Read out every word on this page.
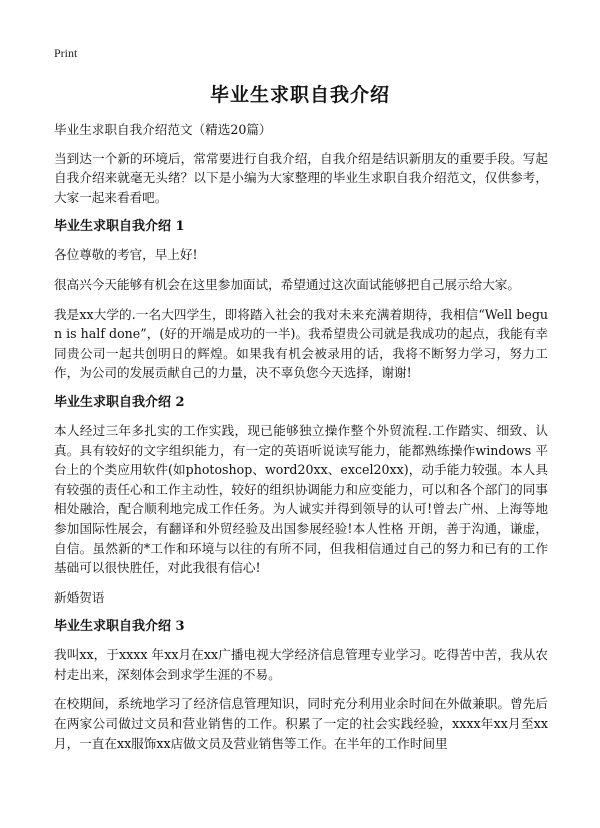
Print
毕业生求职自我介绍

毕业生求职自我介绍范文（精选20篇）

当到达一个新的环境后，常常要进行自我介绍，自我介绍是结识新朋友的重要手段。写起自我介绍来就毫无头绪？以下是小编为大家整理的毕业生求职自我介绍范文，仅供参考，大家一起来看看吧。

毕业生求职自我介绍 1

各位尊敬的考官，早上好!

很高兴今天能够有机会在这里参加面试，希望通过这次面试能够把自己展示给大家。

我是xx大学的.一名大四学生，即将踏入社会的我对未来充满着期待，我相信“Well begun is half done”，(好的开端是成功的一半)。我希望贵公司就是我成功的起点，我能有幸同贵公司一起共创明日的辉煌。如果我有机会被录用的话，我将不断努力学习，努力工作，为公司的发展贡献自己的力量，决不辜负您今天选择，谢谢!

毕业生求职自我介绍 2

本人经过三年多扎实的工作实践，现已能够独立操作整个外贸流程.工作踏实、细致、认真。具有较好的文字组织能力，有一定的英语听说读写能力，能都熟练操作windows 平台上的个类应用软件(如photoshop、word20xx、excel20xx)，动手能力较强。本人具有较强的责任心和工作主动性，较好的组织协调能力和应变能力，可以和各个部门的同事相处融洽，配合顺利地完成工作任务。为人诚实并得到领导的认可!曾去广州、上海等地参加国际性展会，有翻译和外贸经验及出国参展经验!本人性格 开朗，善于沟通，谦虚，自信。虽然新的*工作和环境与以往的有所不同，但我相信通过自己的努力和已有的工作基础可以很快胜任，对此我很有信心!

新婚贺语

毕业生求职自我介绍 3

我叫xx，于xxxx 年xx月在xx广播电视大学经济信息管理专业学习。吃得苦中苦，我从农村走出来，深刻体会到求学生涯的不易。

在校期间，系统地学习了经济信息管理知识，同时充分利用业余时间在外做兼职。曾先后在两家公司做过文员和营业销售的工作。积累了一定的社会实践经验，xxxx年xx月至xx月，一直在xx服饰xx店做文员及营业销售等工作。在半年的工作时间里
